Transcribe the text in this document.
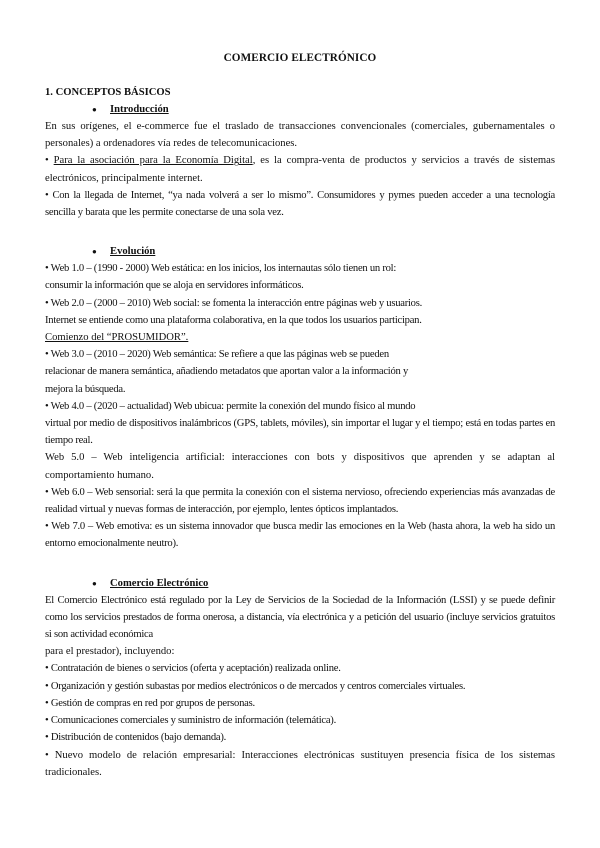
COMERCIO ELECTRÓNICO
1. CONCEPTOS BÁSICOS
●	Introducción

En sus orígenes, el e-commerce fue el traslado de transacciones convencionales (comerciales, gubernamentales o personales) a ordenadores vía redes de telecomunicaciones.

• Para la asociación para la Economía Digital, es la compra-venta de productos y servicios a través de sistemas electrónicos, principalmente internet.

• Con la llegada de Internet, “ya nada volverá a ser lo mismo”. Consumidores y pymes pueden acceder a una tecnología sencilla y barata que les permite conectarse de una sola vez.

●	Evolución

• Web 1.0 – (1990 - 2000) Web estática: en los inicios, los internautas sólo tienen un rol:

consumir la información que se aloja en servidores informáticos.

• Web 2.0 – (2000 – 2010) Web social: se fomenta la interacción entre páginas web y usuarios.

Internet se entiende como una plataforma colaborativa, en la que todos los usuarios participan.

Comienzo del “PROSUMIDOR”.

• Web 3.0 – (2010 – 2020) Web semántica: Se refiere a que las páginas web se pueden

relacionar de manera semántica, añadiendo metadatos que aportan valor a la información y

mejora la búsqueda.

• Web 4.0 – (2020 – actualidad) Web ubicua: permite la conexión del mundo físico al mundo

virtual por medio de dispositivos inalámbricos (GPS, tablets, móviles), sin importar el lugar y el tiempo; está en todas partes en tiempo real.

Web 5.0 – Web inteligencia artificial: interacciones con bots y dispositivos que aprenden y se adaptan al comportamiento humano.

• Web 6.0 – Web sensorial: será la que permita la conexión con el sistema nervioso, ofreciendo experiencias más avanzadas de realidad virtual y nuevas formas de interacción, por ejemplo, lentes ópticos implantados.

• Web 7.0 – Web emotiva: es un sistema innovador que busca medir las emociones en la Web (hasta ahora, la web ha sido un entorno emocionalmente neutro).

●	Comercio Electrónico

El Comercio Electrónico está regulado por la Ley de Servicios de la Sociedad de la Información (LSSI) y se puede definir como los servicios prestados de forma onerosa, a distancia, vía electrónica y a petición del usuario (incluye servicios gratuitos si son actividad económica

para el prestador), incluyendo:

• Contratación de bienes o servicios (oferta y aceptación) realizada online.

• Organización y gestión subastas por medios electrónicos o de mercados y centros comerciales virtuales.

• Gestión de compras en red por grupos de personas.

• Comunicaciones comerciales y suministro de información (telemática).

• Distribución de contenidos (bajo demanda).

• Nuevo modelo de relación empresarial: Interacciones electrónicas sustituyen presencia física de los sistemas tradicionales.
